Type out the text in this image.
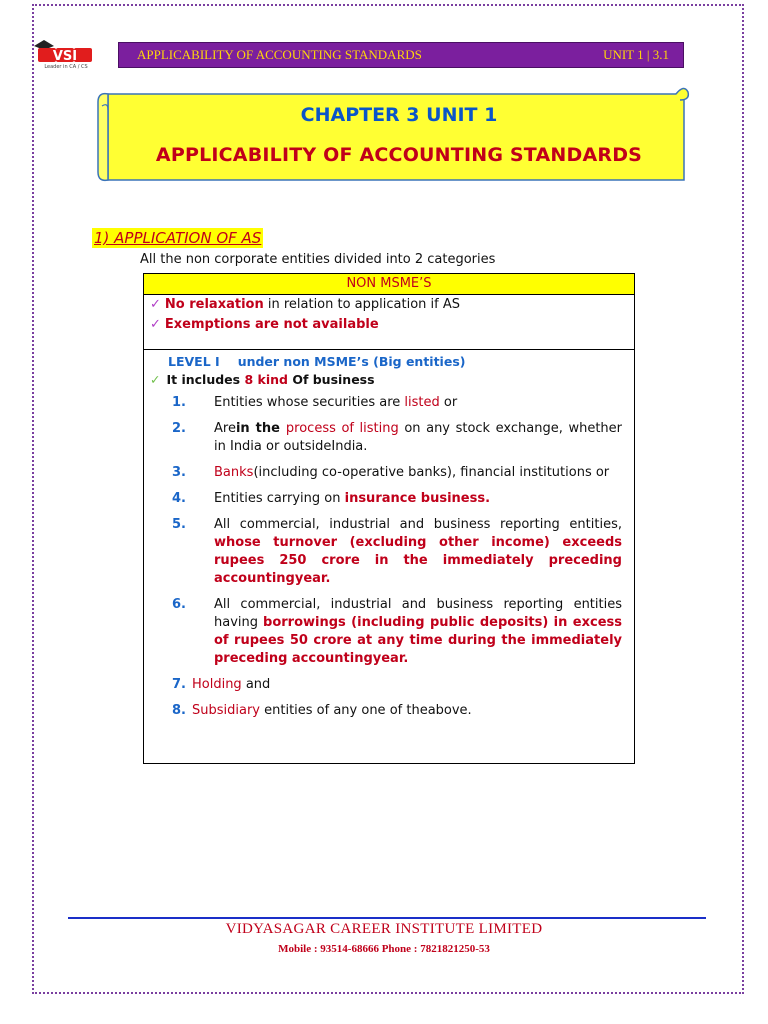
VSI
Leader in CA / CS
APPLICABILITY OF ACCOUNTING STANDARDS	UNIT 1 | 3.1
CHAPTER 3 UNIT 1
APPLICABILITY OF ACCOUNTING STANDARDS
1) APPLICATION OF AS
All the non corporate entities divided into 2 categories
NON MSME’S
✓ No relaxation in relation to application if AS
✓ Exemptions are not available
LEVEL I under non MSME’s (Big entities)
✓ It includes 8 kind Of business
1.	Entities whose securities are listed or
2.	Arein the process of listing on any stock exchange, whether in India or outsideIndia.
3.	Banks(including co-operative banks), financial institutions or
4.	Entities carrying on insurance business.
5.	All commercial, industrial and business reporting entities, whose turnover (excluding other income) exceeds rupees 250 crore in the immediately preceding accountingyear.
6.	All commercial, industrial and business reporting entities having borrowings (including public deposits) in excess of rupees 50 crore at any time during the immediately preceding accountingyear.
7. Holding and
8. Subsidiary entities of any one of theabove.
VIDYASAGAR CAREER INSTITUTE LIMITED
Mobile : 93514-68666 Phone : 7821821250-53
